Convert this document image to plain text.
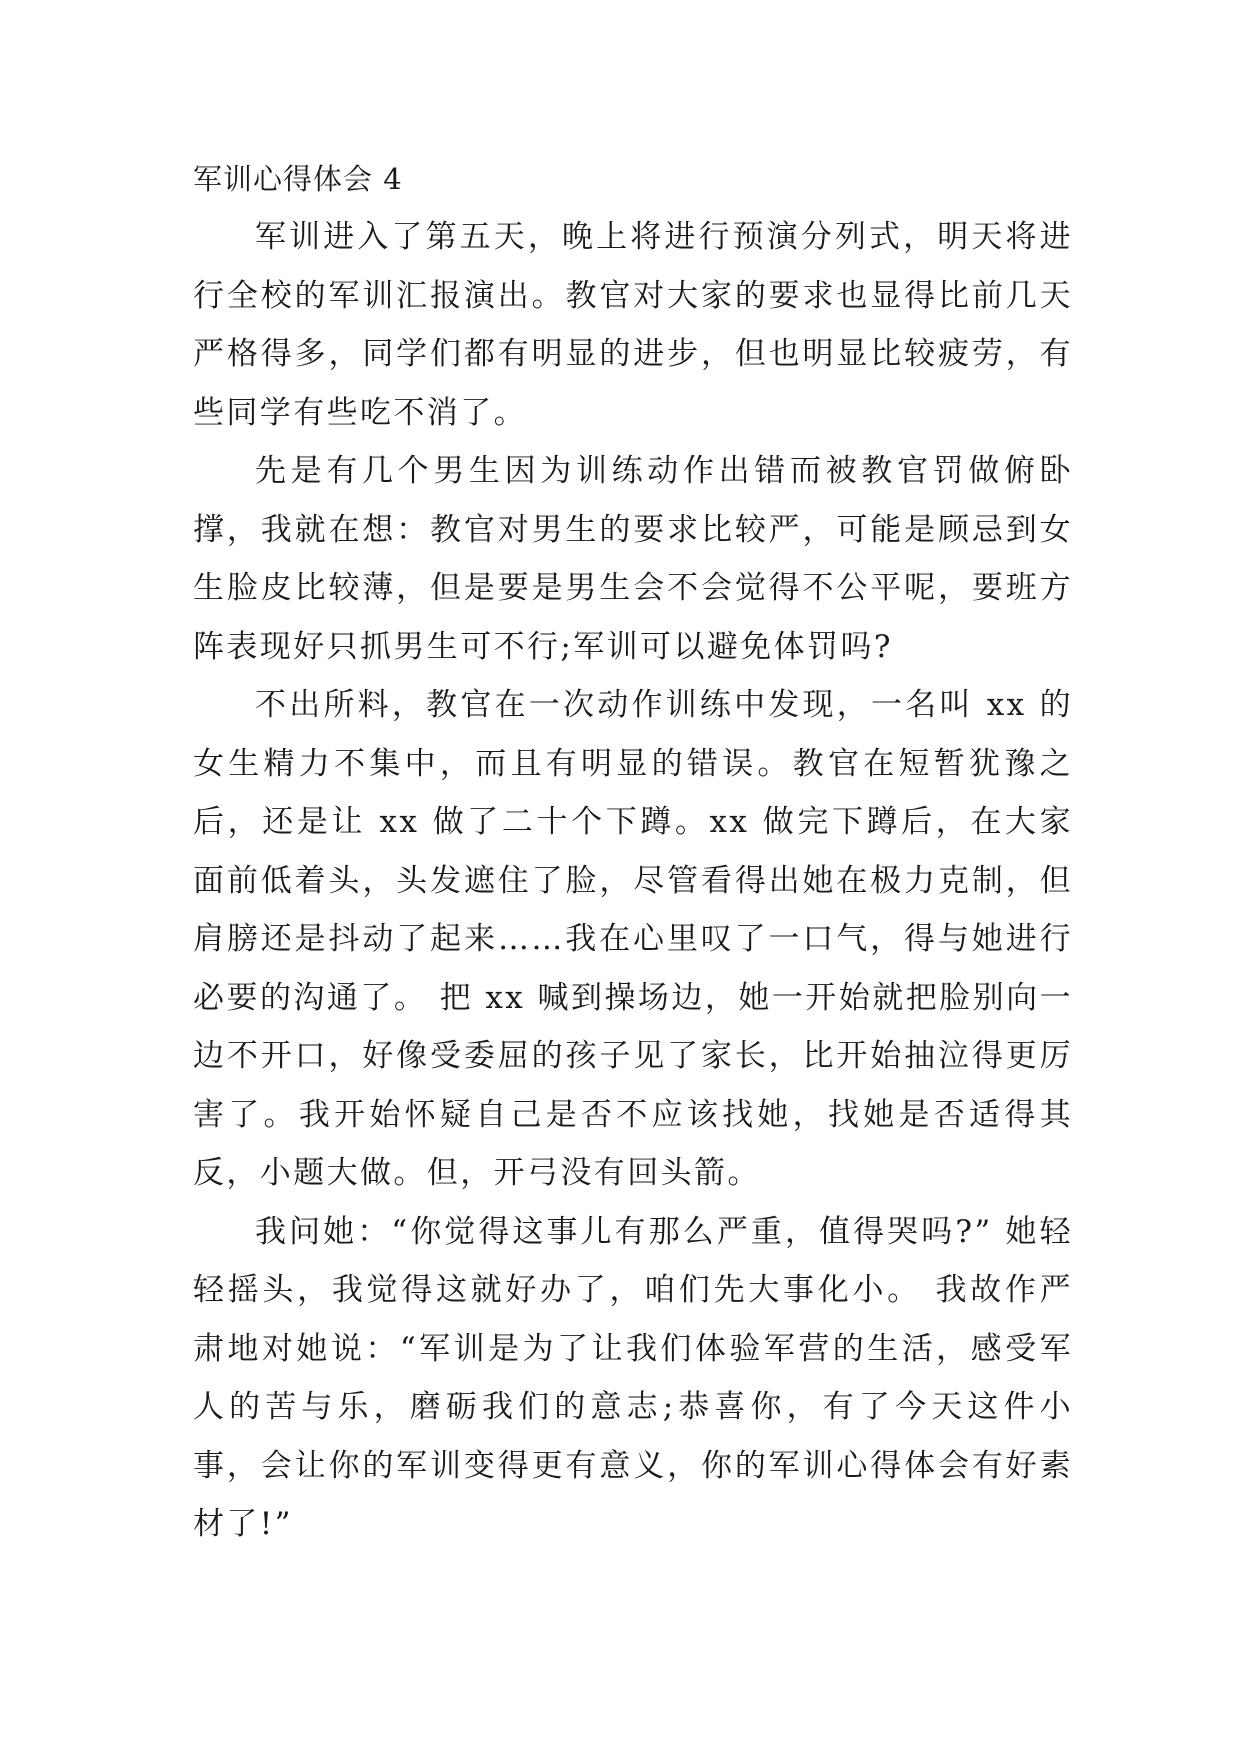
军训心得体会 4

军训进入了第五天，晚上将进行预演分列式，明天将进行全校的军训汇报演出。教官对大家的要求也显得比前几天严格得多，同学们都有明显的进步，但也明显比较疲劳，有些同学有些吃不消了。

先是有几个男生因为训练动作出错而被教官罚做俯卧撑，我就在想：教官对男生的要求比较严，可能是顾忌到女生脸皮比较薄，但是要是男生会不会觉得不公平呢，要班方阵表现好只抓男生可不行;军训可以避免体罚吗?

不出所料，教官在一次动作训练中发现，一名叫 xx 的女生精力不集中，而且有明显的错误。教官在短暂犹豫之后，还是让 xx 做了二十个下蹲。xx 做完下蹲后，在大家面前低着头，头发遮住了脸，尽管看得出她在极力克制，但肩膀还是抖动了起来……我在心里叹了一口气，得与她进行必要的沟通了。 把 xx 喊到操场边，她一开始就把脸别向一边不开口，好像受委屈的孩子见了家长，比开始抽泣得更厉害了。我开始怀疑自己是否不应该找她，找她是否适得其反，小题大做。但，开弓没有回头箭。

我问她：“你觉得这事儿有那么严重，值得哭吗?” 她轻轻摇头，我觉得这就好办了，咱们先大事化小。 我故作严肃地对她说：“军训是为了让我们体验军营的生活，感受军人的苦与乐，磨砺我们的意志;恭喜你，有了今天这件小事，会让你的军训变得更有意义，你的军训心得体会有好素材了!”
